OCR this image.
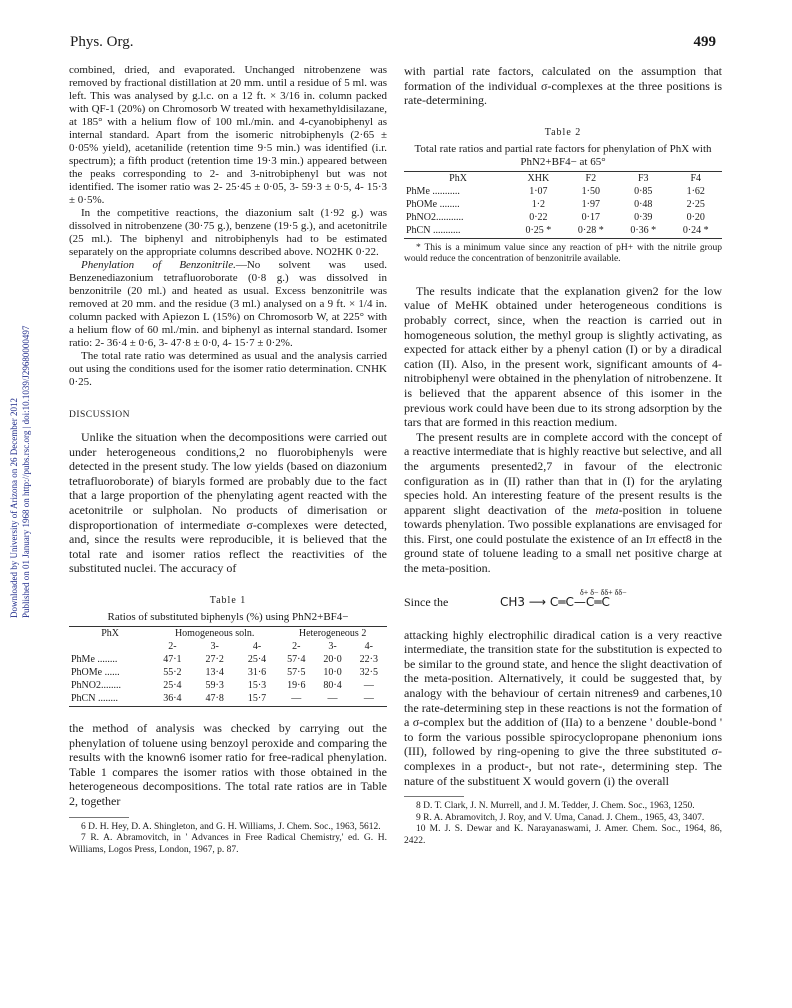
Phys. Org.	499
Downloaded by University of Arizona on 26 December 2012 Published on 01 January 1968 on http://pubs.rsc.org | doi:10.1039/J29680000497

combined, dried, and evaporated. Unchanged nitrobenzene was removed by fractional distillation at 20 mm. until a residue of 5 ml. was left. This was analysed by g.l.c. on a 12 ft. × 3/16 in. column packed with QF-1 (20%) on Chromosorb W treated with hexamethyldisilazane, at 185° with a helium flow of 100 ml./min. and 4-cyanobiphenyl as internal standard. Apart from the isomeric nitrobiphenyls (2·65 ± 0·05% yield), acetanilide (retention time 9·5 min.) was identified (i.r. spectrum); a fifth product (retention time 19·3 min.) appeared between the peaks corresponding to 2- and 3-nitrobiphenyl but was not identified. The isomer ratio was 2- 25·45 ± 0·05, 3- 59·3 ± 0·5, 4- 15·3 ± 0·5%.

In the competitive reactions, the diazonium salt (1·92 g.) was dissolved in nitrobenzene (30·75 g.), benzene (19·5 g.), and acetonitrile (25 ml.). The biphenyl and nitrobiphenyls had to be estimated separately on the appropriate columns described above. NO2HK 0·22.

Phenylation of Benzonitrile.—No solvent was used. Benzenediazonium tetrafluoroborate (0·8 g.) was dissolved in benzonitrile (20 ml.) and heated as usual. Excess benzonitrile was removed at 20 mm. and the residue (3 ml.) analysed on a 9 ft. × 1/4 in. column packed with Apiezon L (15%) on Chromosorb W, at 225° with a helium flow of 60 ml./min. and biphenyl as internal standard. Isomer ratio: 2- 36·4 ± 0·6, 3- 47·8 ± 0·0, 4- 15·7 ± 0·2%.

The total rate ratio was determined as usual and the analysis carried out using the conditions used for the isomer ratio determination. CNHK 0·25.

DISCUSSION

Unlike the situation when the decompositions were carried out under heterogeneous conditions,2 no fluorobiphenyls were detected in the present study. The low yields (based on diazonium tetrafluoroborate) of biaryls formed are probably due to the fact that a large proportion of the phenylating agent reacted with the acetonitrile or sulpholan. No products of dimerisation or disproportionation of intermediate σ-complexes were detected, and, since the results were reproducible, it is believed that the total rate and isomer ratios reflect the reactivities of the substituted nuclei. The accuracy of

Table 1
Ratios of substituted biphenyls (%) using PhN2+BF4−
PhX	Homogeneous soln.			Heterogeneous 2		
	2-	3-	4-	2-	3-	4-
PhMe ........	47·1	27·2	25·4	57·4	20·0	22·3
PhOMe ......	55·2	13·4	31·6	57·5	10·0	32·5
PhNO2........	25·4	59·3	15·3	19·6	80·4	—
PhCN ........	36·4	47·8	15·7	—	—	—

the method of analysis was checked by carrying out the phenylation of toluene using benzoyl peroxide and comparing the results with the known6 isomer ratio for free-radical phenylation. Table 1 compares the isomer ratios with those obtained in the heterogeneous decompositions. The total rate ratios are in Table 2, together

6 D. H. Hey, D. A. Shingleton, and G. H. Williams, J. Chem. Soc., 1963, 5612.

7 R. A. Abramovitch, in ' Advances in Free Radical Chemistry,' ed. G. H. Williams, Logos Press, London, 1967, p. 87.

with partial rate factors, calculated on the assumption that formation of the individual σ-complexes at the three positions is rate-determining.

Table 2
Total rate ratios and partial rate factors for phenylation of PhX with PhN2+BF4− at 65°
PhX	XHK	F2	F3	F4
PhMe ...........	1·07	1·50	0·85	1·62
PhOMe ........	1·2	1·97	0·48	2·25
PhNO2...........	0·22	0·17	0·39	0·20
PhCN ...........	0·25 *	0·28 *	0·36 *	0·24 *

* This is a minimum value since any reaction of pH+ with the nitrile group would reduce the concentration of benzonitrile available.

The results indicate that the explanation given2 for the low value of MeHK obtained under heterogeneous conditions is probably correct, since, when the reaction is carried out in homogeneous solution, the methyl group is slightly activating, as expected for attack either by a phenyl cation (I) or by a diradical cation (II). Also, in the present work, significant amounts of 4-nitrobiphenyl were obtained in the phenylation of nitrobenzene. It is believed that the apparent absence of this isomer in the previous work could have been due to its strong adsorption by the tars that are formed in this reaction medium.

The present results are in complete accord with the concept of a reactive intermediate that is highly reactive but selective, and all the arguments presented2,7 in favour of the electronic configuration as in (II) rather than that in (I) for the arylating species hold. An interesting feature of the present results is the apparent slight deactivation of the meta-position in toluene towards phenylation. Two possible explanations are envisaged for this. First, one could postulate the existence of an Iπ effect8 in the ground state of toluene leading to a small net positive charge at the meta-position.

Since the
δ+ δ− δδ+ δδ−
CH3 ⟶ C═C—C═C

attacking highly electrophilic diradical cation is a very reactive intermediate, the transition state for the substitution is expected to be similar to the ground state, and hence the slight deactivation of the meta-position. Alternatively, it could be suggested that, by analogy with the behaviour of certain nitrenes9 and carbenes,10 the rate-determining step in these reactions is not the formation of a σ-complex but the addition of (IIa) to a benzene ' double-bond ' to form the various possible spirocyclopropane phenonium ions (III), followed by ring-opening to give the three substituted σ-complexes in a product-, but not rate-, determining step. The nature of the substituent X would govern (i) the overall

8 D. T. Clark, J. N. Murrell, and J. M. Tedder, J. Chem. Soc., 1963, 1250.

9 R. A. Abramovitch, J. Roy, and V. Uma, Canad. J. Chem., 1965, 43, 3407.

10 M. J. S. Dewar and K. Narayanaswami, J. Amer. Chem. Soc., 1964, 86, 2422.
